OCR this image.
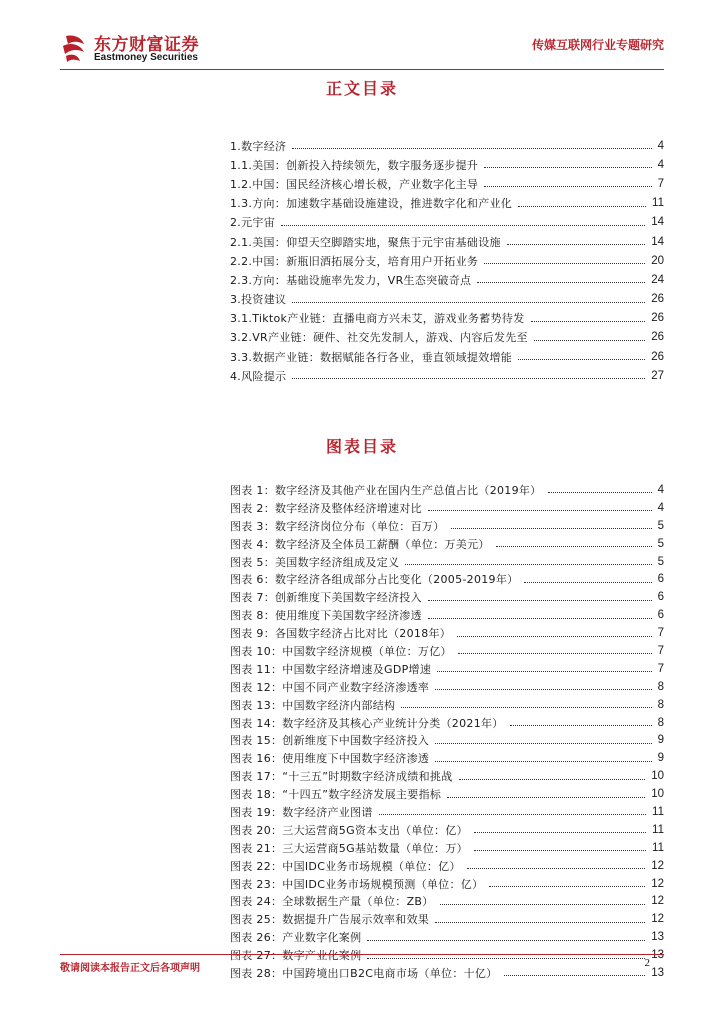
东方财富证券
Eastmoney Securities
传媒互联网行业专题研究
正文目录
1.数字经济	4
1.1.美国：创新投入持续领先，数字服务逐步提升	4
1.2.中国：国民经济核心增长极，产业数字化主导	7
1.3.方向：加速数字基础设施建设，推进数字化和产业化	11
2.元宇宙	14
2.1.美国：仰望天空脚踏实地，聚焦于元宇宙基础设施	14
2.2.中国：新瓶旧酒拓展分支，培育用户开拓业务	20
2.3.方向：基础设施率先发力，VR生态突破奇点	24
3.投资建议	26
3.1.Tiktok产业链：直播电商方兴未艾，游戏业务蓄势待发	26
3.2.VR产业链：硬件、社交先发制人，游戏、内容后发先至	26
3.3.数据产业链：数据赋能各行各业，垂直领域提效增能	26
4.风险提示	27
图表目录
图表 1：数字经济及其他产业在国内生产总值占比（2019年）	4
图表 2：数字经济及整体经济增速对比	4
图表 3：数字经济岗位分布（单位：百万）	5
图表 4：数字经济及全体员工薪酬（单位：万美元）	5
图表 5：美国数字经济组成及定义	5
图表 6：数字经济各组成部分占比变化（2005-2019年）	6
图表 7：创新维度下美国数字经济投入	6
图表 8：使用维度下美国数字经济渗透	6
图表 9：各国数字经济占比对比（2018年）	7
图表 10：中国数字经济规模（单位：万亿）	7
图表 11：中国数字经济增速及GDP增速	7
图表 12：中国不同产业数字经济渗透率	8
图表 13：中国数字经济内部结构	8
图表 14：数字经济及其核心产业统计分类（2021年）	8
图表 15：创新维度下中国数字经济投入	9
图表 16：使用维度下中国数字经济渗透	9
图表 17：“十三五”时期数字经济成绩和挑战	10
图表 18：“十四五”数字经济发展主要指标	10
图表 19：数字经济产业图谱	11
图表 20：三大运营商5G资本支出（单位：亿）	11
图表 21：三大运营商5G基站数量（单位：万）	11
图表 22：中国IDC业务市场规模（单位：亿）	12
图表 23：中国IDC业务市场规模预测（单位：亿）	12
图表 24：全球数据生产量（单位：ZB）	12
图表 25：数据提升广告展示效率和效果	12
图表 26：产业数字化案例	13
图表 27：数字产业化案例	13
图表 28：中国跨境出口B2C电商市场（单位：十亿）	13
敬请阅读本报告正文后各项声明	2
